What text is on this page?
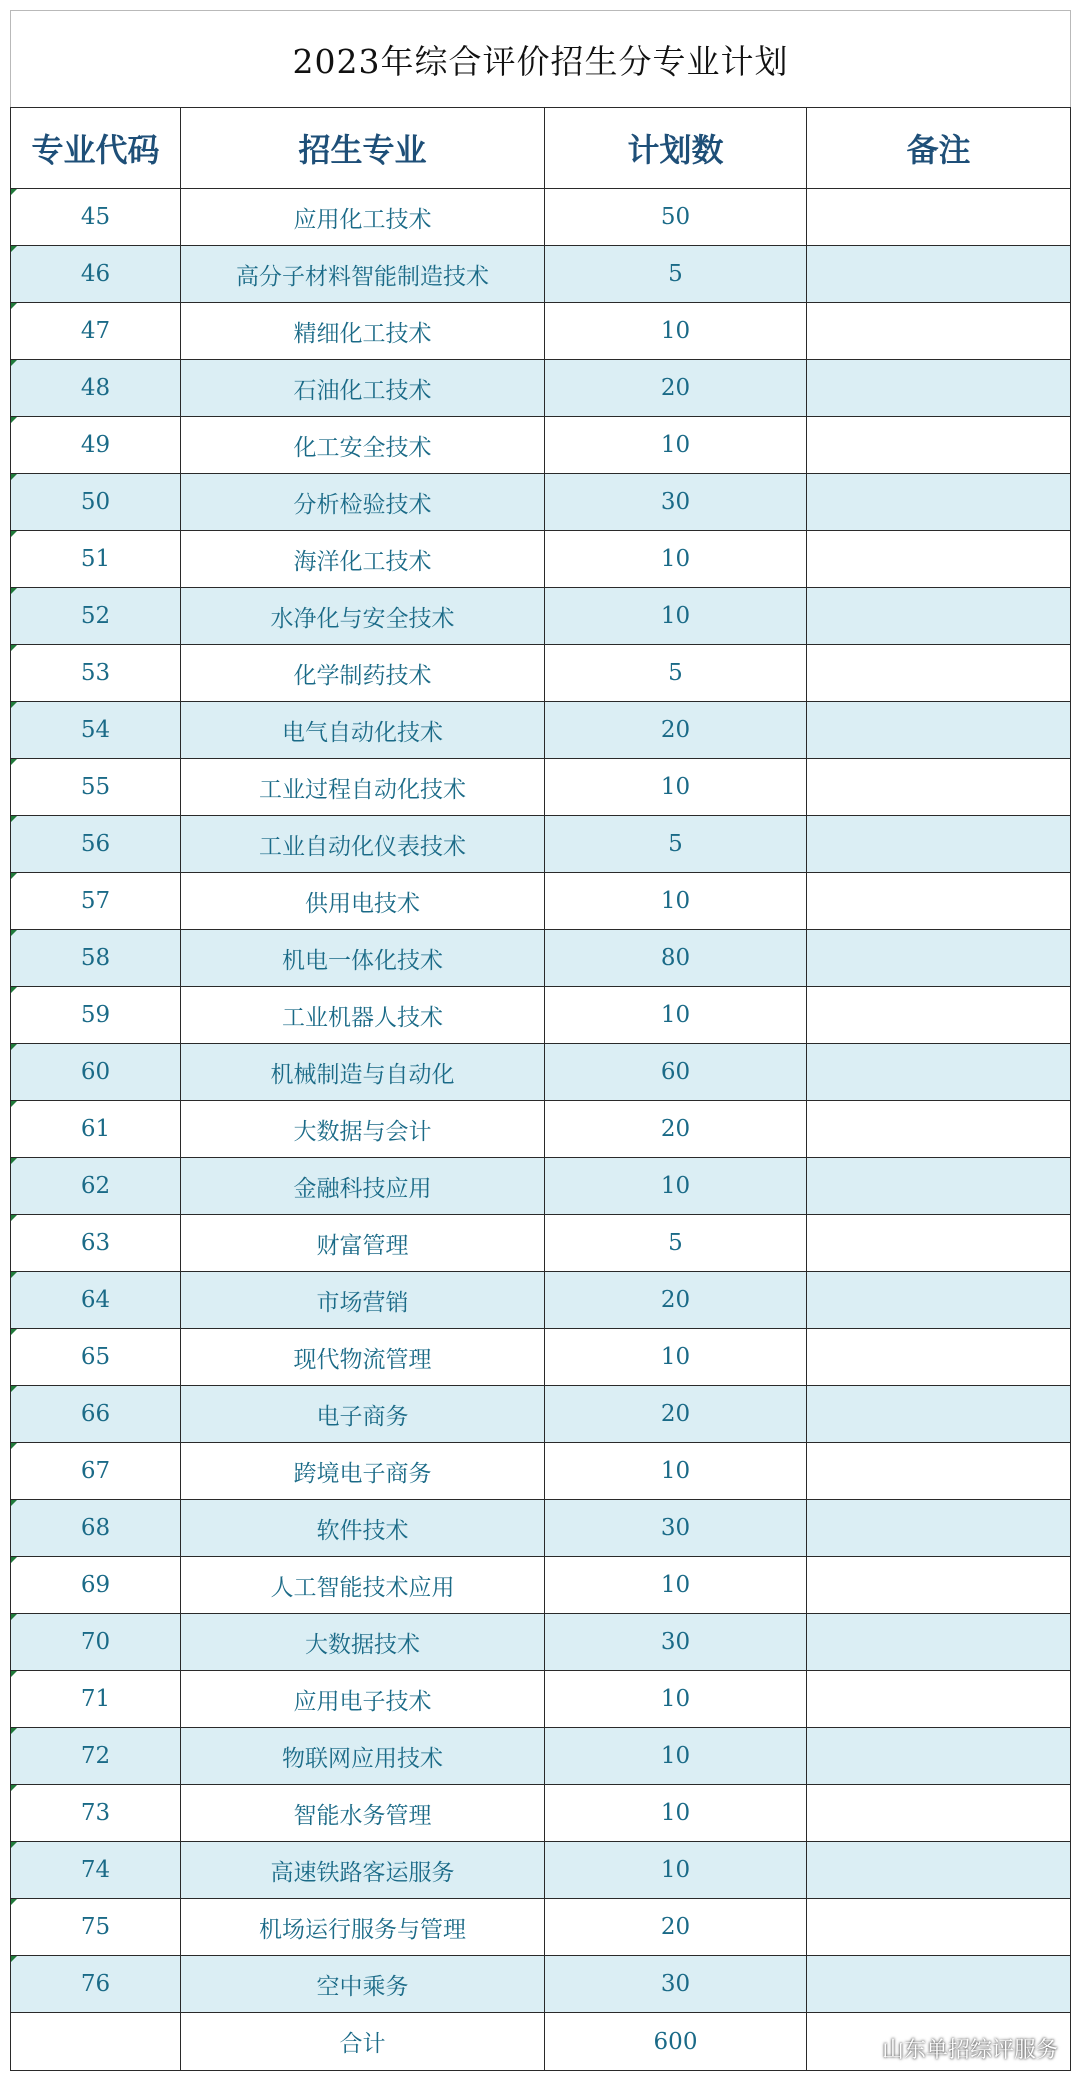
2023年综合评价招生分专业计划			
专业代码	招生专业	计划数	备注
45	应用化工技术	50	
46	高分子材料智能制造技术	5	
47	精细化工技术	10	
48	石油化工技术	20	
49	化工安全技术	10	
50	分析检验技术	30	
51	海洋化工技术	10	
52	水净化与安全技术	10	
53	化学制药技术	5	
54	电气自动化技术	20	
55	工业过程自动化技术	10	
56	工业自动化仪表技术	5	
57	供用电技术	10	
58	机电一体化技术	80	
59	工业机器人技术	10	
60	机械制造与自动化	60	
61	大数据与会计	20	
62	金融科技应用	10	
63	财富管理	5	
64	市场营销	20	
65	现代物流管理	10	
66	电子商务	20	
67	跨境电子商务	10	
68	软件技术	30	
69	人工智能技术应用	10	
70	大数据技术	30	
71	应用电子技术	10	
72	物联网应用技术	10	
73	智能水务管理	10	
74	高速铁路客运服务	10	
75	机场运行服务与管理	20	
76	空中乘务	30	
	合计	600		山东单招综评服务
